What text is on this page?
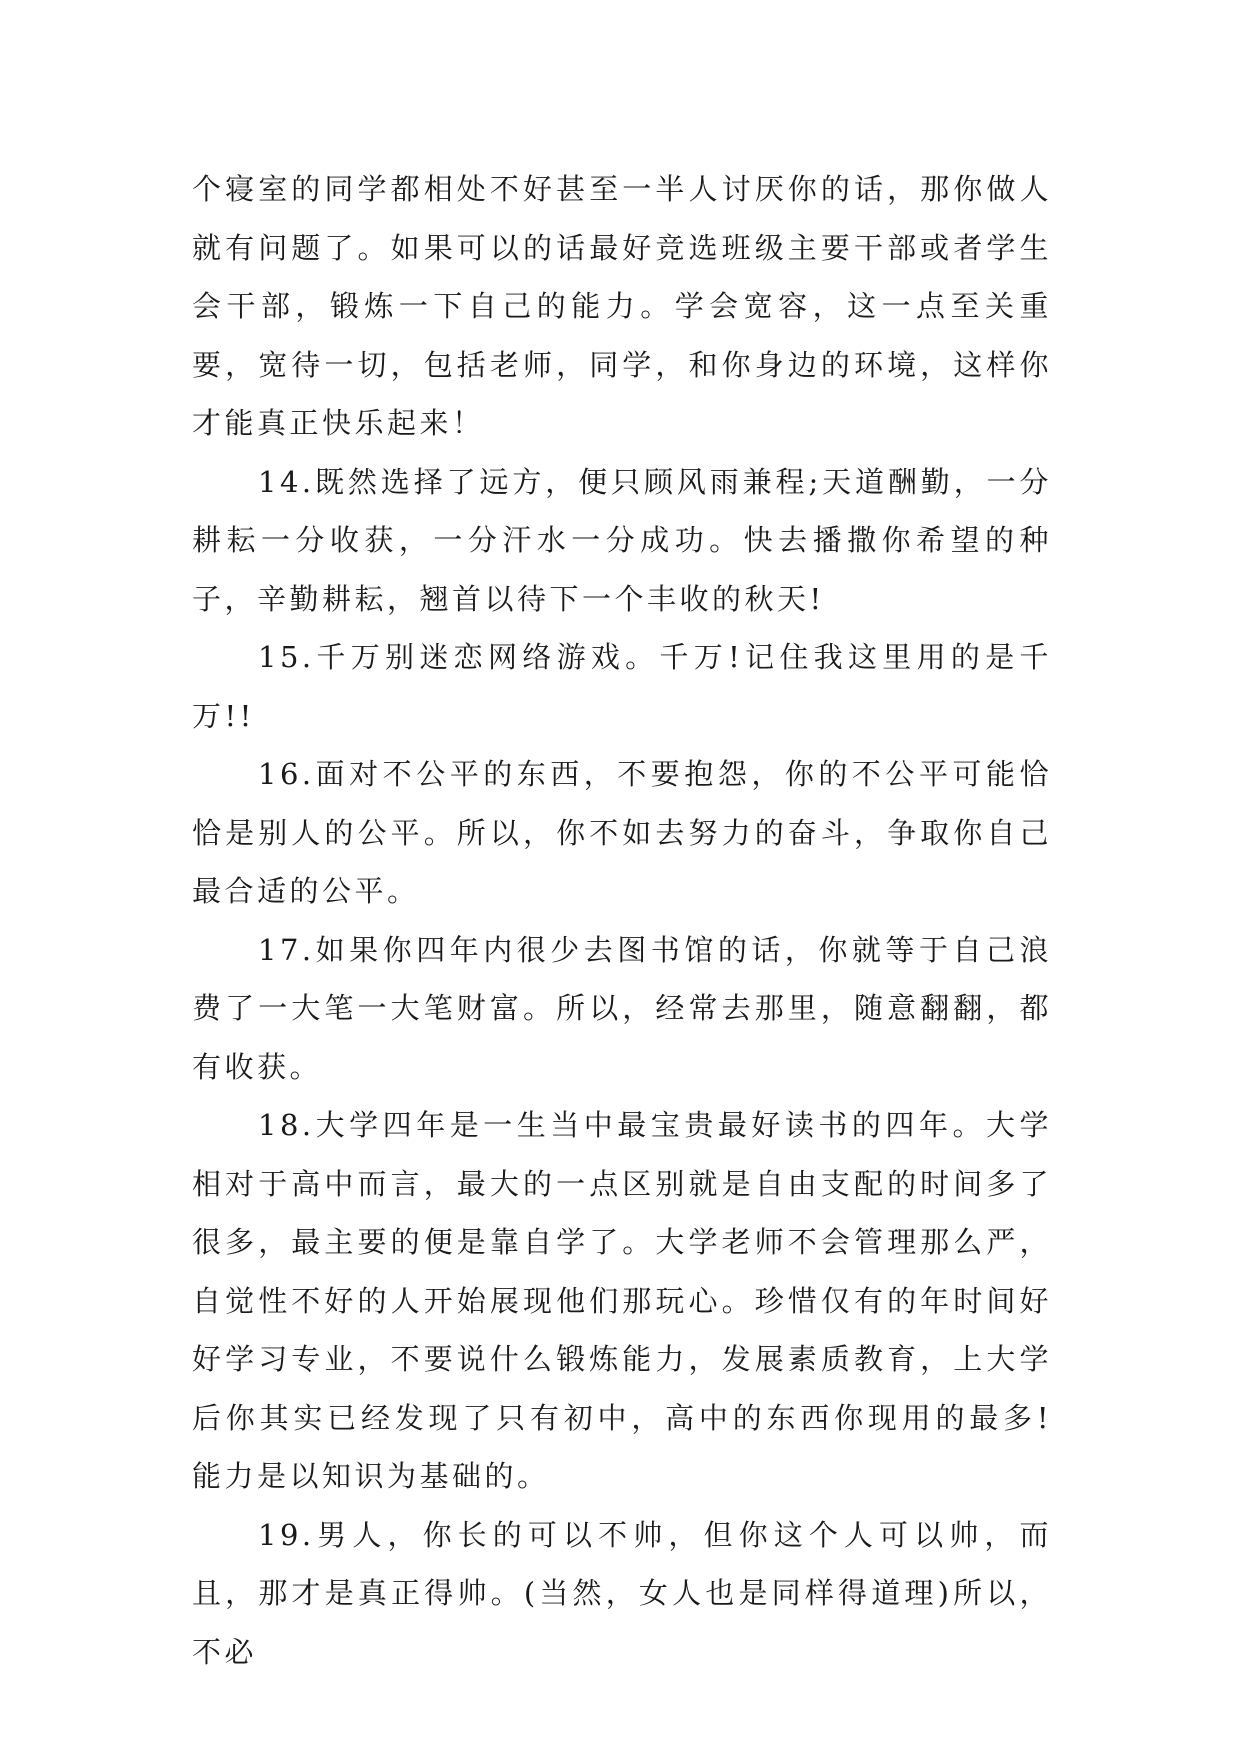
个寝室的同学都相处不好甚至一半人讨厌你的话，那你做人就有问题了。如果可以的话最好竞选班级主要干部或者学生会干部，锻炼一下自己的能力。学会宽容，这一点至关重要，宽待一切，包括老师，同学，和你身边的环境，这样你才能真正快乐起来！

14.既然选择了远方，便只顾风雨兼程;天道酬勤，一分耕耘一分收获，一分汗水一分成功。快去播撒你希望的种子，辛勤耕耘，翘首以待下一个丰收的秋天!

15.千万别迷恋网络游戏。千万!记住我这里用的是千万!!

16.面对不公平的东西，不要抱怨，你的不公平可能恰恰是别人的公平。所以，你不如去努力的奋斗，争取你自己最合适的公平。

17.如果你四年内很少去图书馆的话，你就等于自己浪费了一大笔一大笔财富。所以，经常去那里，随意翻翻，都有收获。

18.大学四年是一生当中最宝贵最好读书的四年。大学相对于高中而言，最大的一点区别就是自由支配的时间多了很多，最主要的便是靠自学了。大学老师不会管理那么严，自觉性不好的人开始展现他们那玩心。珍惜仅有的年时间好好学习专业，不要说什么锻炼能力，发展素质教育，上大学后你其实已经发现了只有初中，高中的东西你现用的最多!能力是以知识为基础的。

19.男人，你长的可以不帅，但你这个人可以帅，而且，那才是真正得帅。(当然，女人也是同样得道理)所以，不必
